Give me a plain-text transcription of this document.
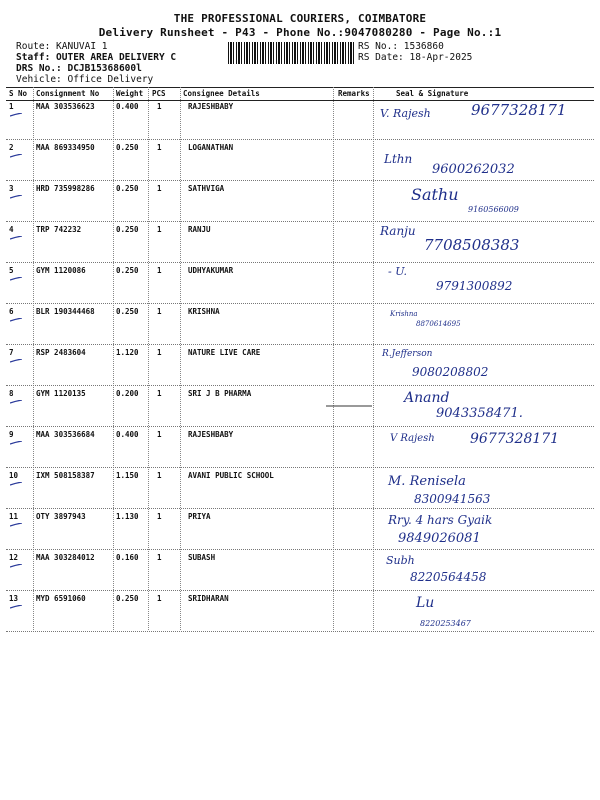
THE PROFESSIONAL COURIERS, COIMBATORE
Delivery Runsheet - P43 - Phone No.:9047080280 - Page No.:1
Route: KANUVAI 1
Staff: OUTER AREA DELIVERY C
DRS No.: DCJB15368600l
Vehicle: Office Delivery
RS No.: 1536860
RS Date: 18-Apr-2025
S No Consignment No Weight PCS Consignee Details	Remarks	Seal & Signature
1	MAA 303536623	0.400 1	RAJESHBABY
V. Rajesh	9677328171
2	MAA 869334950	0.250 1	LOGANATHAN
Lthn
9600262032
3	HRD 735998286	0.250 1	SATHVIGA	Sathu
9160566009
4	TRP 742232	0.250 1	RANJU	Ranju
7708508383
5	GYM 1120086	0.250 1	UDHYAKUMAR	- U.
9791300892
6	BLR 190344468	0.250 1	KRISHNA	Krishna
8870614695
7	RSP 2483604	1.120 1	NATURE LIVE CARE	R.Jefferson
9080208802
8	GYM 1120135	0.200 1	SRI J B PHARMA	Anand
9043358471.
9	MAA 303536684	0.400 1	RAJESHBABY	V Rajesh	9677328171
10 IXM 508158387	1.150 1	AVANI PUBLIC SCHOOL	M. Renisela
8300941563
11 OTY 3897943	1.130 1	PRIYA	Rry. 4 hars Gyaik
9849026081
12 MAA 303284012	0.160 1	SUBASH	Subh
8220564458
13 MYD 6591060	0.250 1	SRIDHARAN	Lu
8220253467
